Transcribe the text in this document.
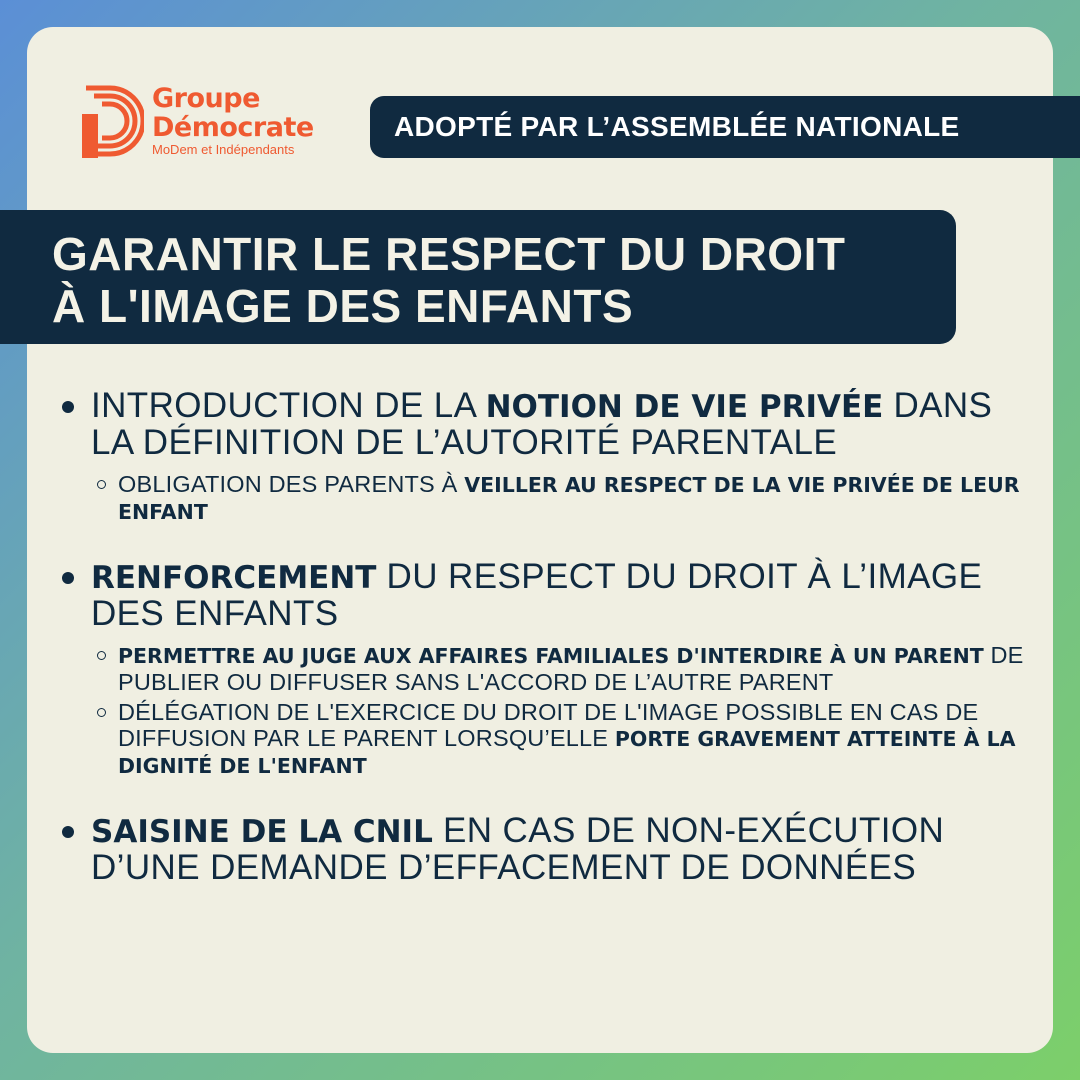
Groupe
Démocrate
MoDem et Indépendants
ADOPTÉ PAR L’ASSEMBLÉE NATIONALE
GARANTIR LE RESPECT DU DROIT
À L'IMAGE DES ENFANTS
INTRODUCTION DE LA NOTION DE VIE PRIVÉE DANS LA DÉFINITION DE L’AUTORITÉ PARENTALE
OBLIGATION DES PARENTS À VEILLER AU RESPECT DE LA VIE PRIVÉE DE LEUR ENFANT
RENFORCEMENT DU RESPECT DU DROIT À L’IMAGE DES ENFANTS
PERMETTRE AU JUGE AUX AFFAIRES FAMILIALES D'INTERDIRE À UN PARENT DE PUBLIER OU DIFFUSER SANS L'ACCORD DE L’AUTRE PARENT
DÉLÉGATION DE L'EXERCICE DU DROIT DE L'IMAGE POSSIBLE EN CAS DE DIFFUSION PAR LE PARENT LORSQU’ELLE PORTE GRAVEMENT ATTEINTE À LA DIGNITÉ DE L'ENFANT
SAISINE DE LA CNIL EN CAS DE NON-EXÉCUTION D’UNE DEMANDE D’EFFACEMENT DE DONNÉES
